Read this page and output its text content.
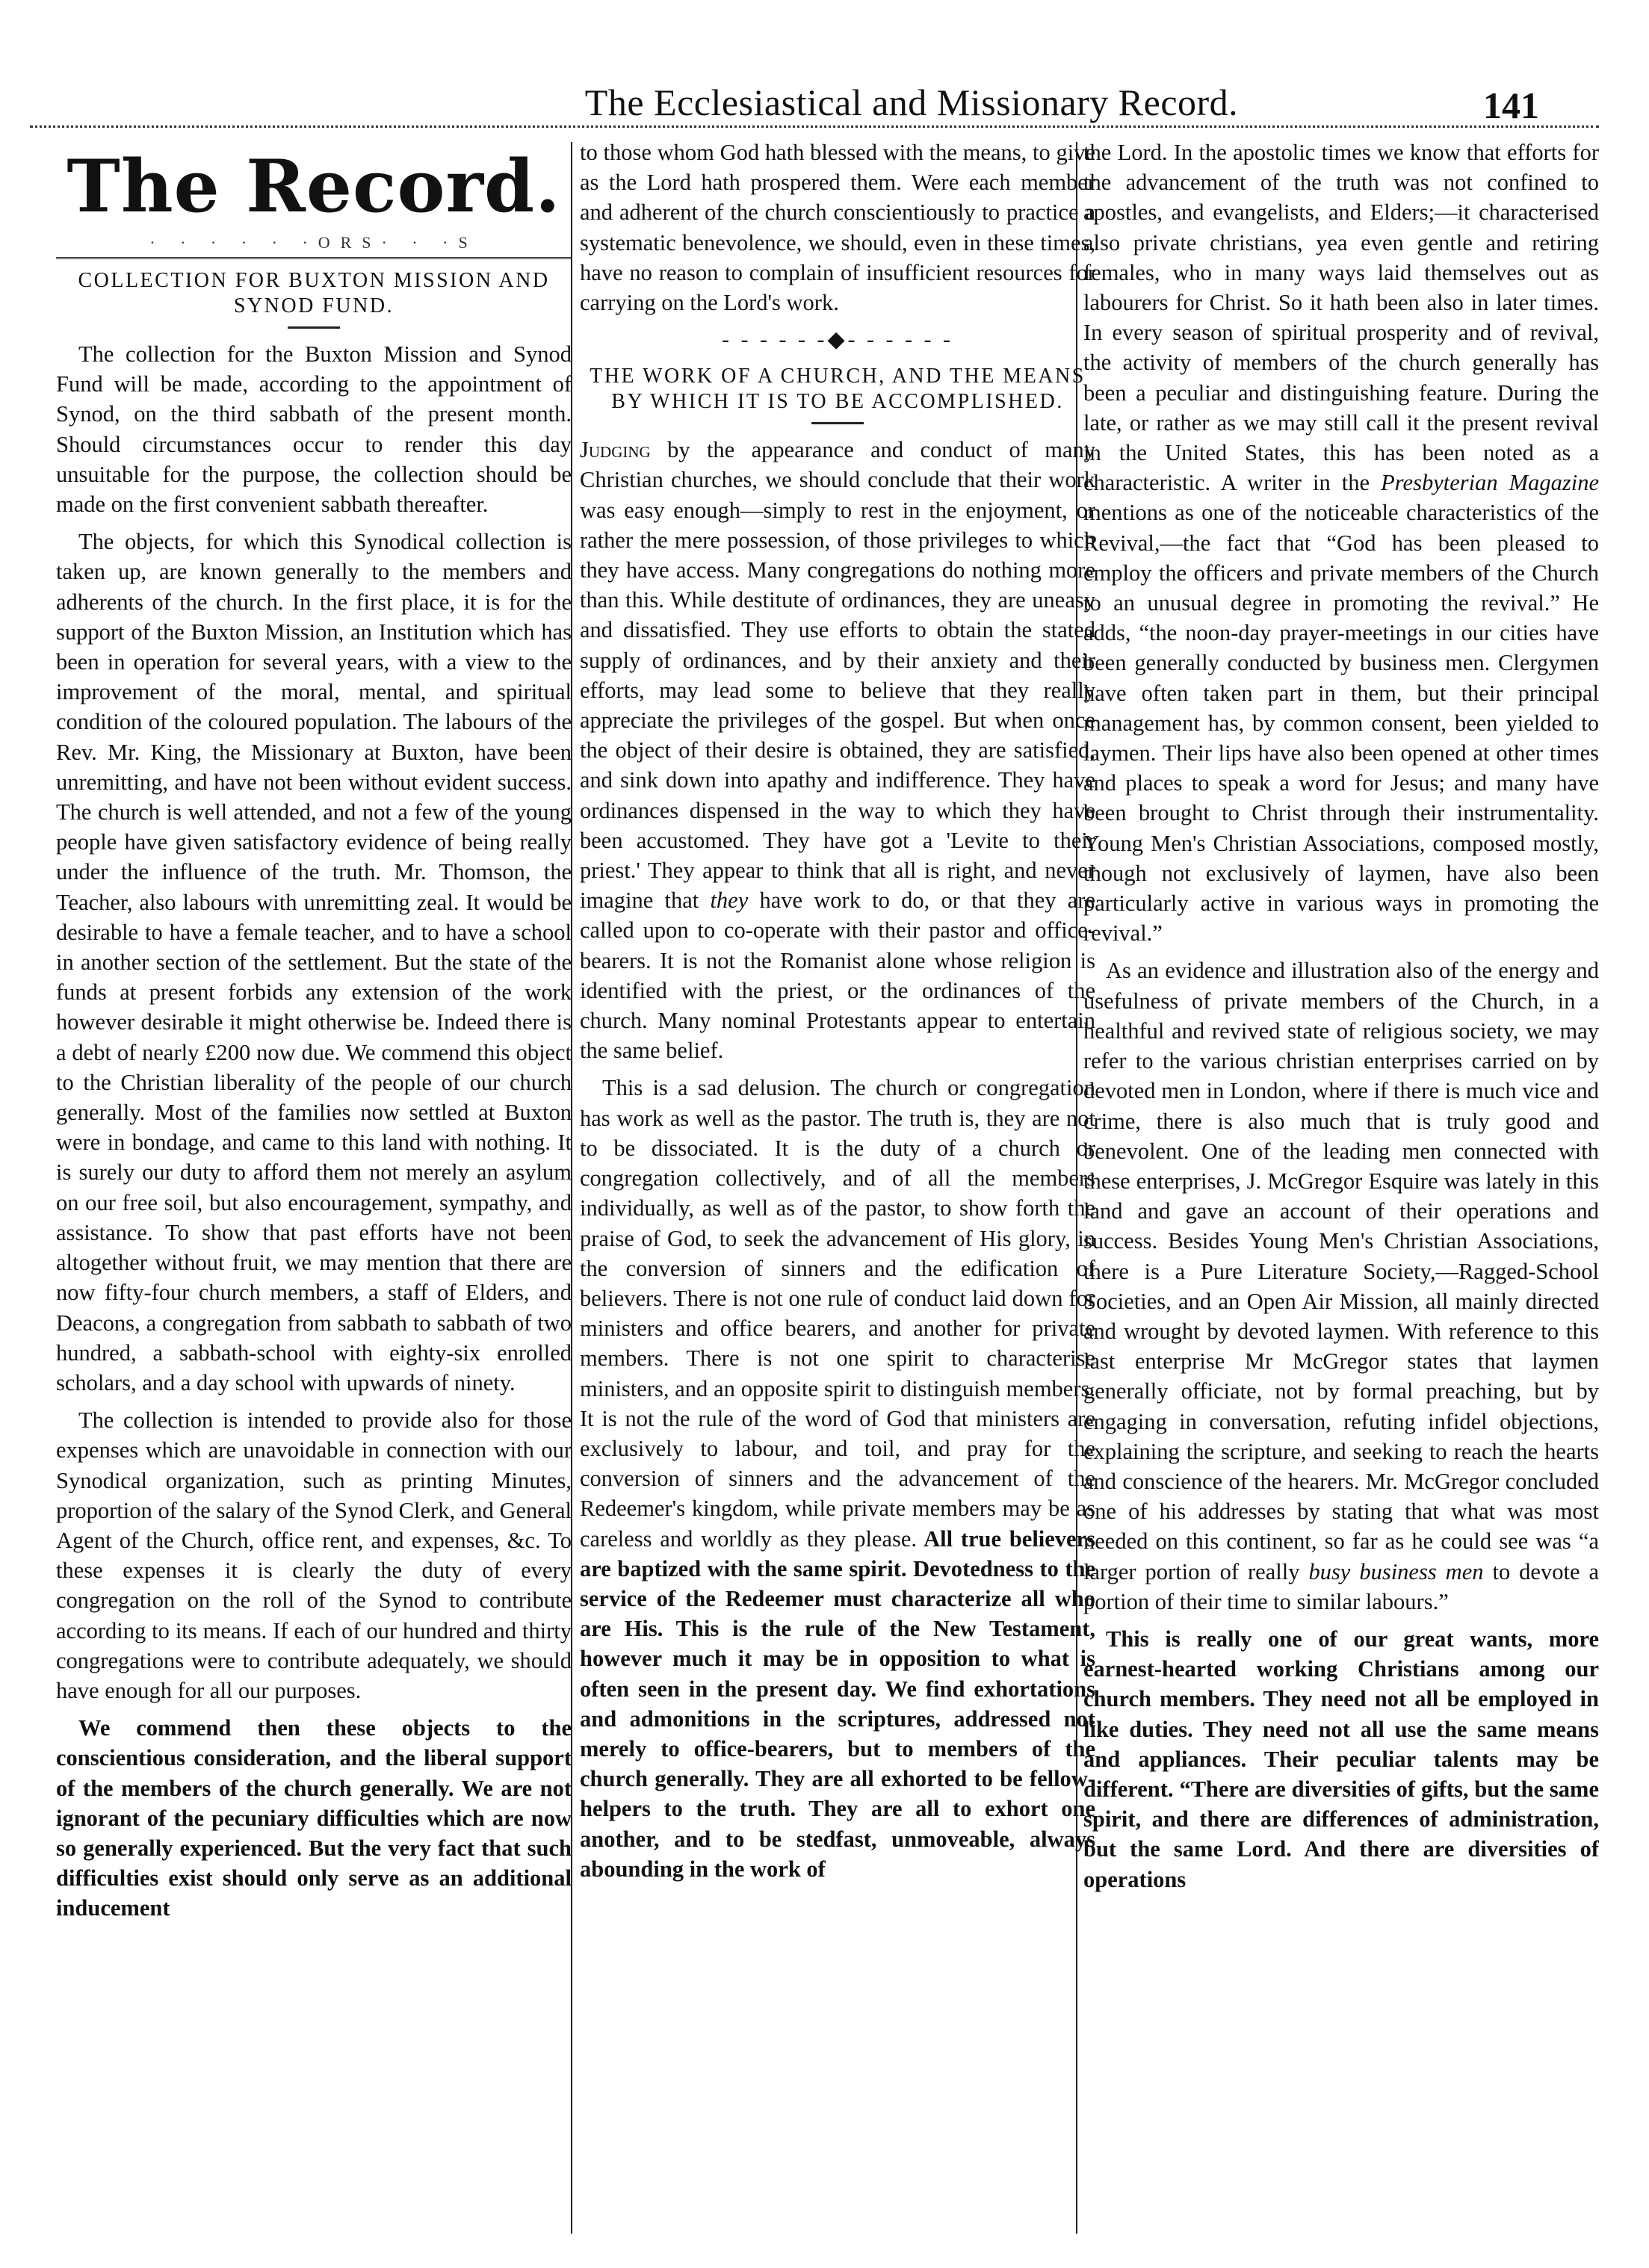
The Ecclesiastical and Missionary Record.	141
The Record.
· · · · · ·ORS· · ·S
COLLECTION FOR BUXTON MISSION AND SYNOD FUND.

The collection for the Buxton Mission and Synod Fund will be made, according to the appointment of Synod, on the third sabbath of the present month. Should circumstances occur to render this day unsuitable for the purpose, the collection should be made on the first convenient sabbath thereafter.

The objects, for which this Synodical collection is taken up, are known generally to the members and adherents of the church. In the first place, it is for the support of the Buxton Mission, an Institution which has been in operation for several years, with a view to the improvement of the moral, mental, and spiritual condition of the coloured population. The labours of the Rev. Mr. King, the Missionary at Buxton, have been unremitting, and have not been without evident success. The church is well attended, and not a few of the young people have given satisfactory evidence of being really under the influence of the truth. Mr. Thomson, the Teacher, also labours with unremitting zeal. It would be desirable to have a female teacher, and to have a school in another section of the settlement. But the state of the funds at present forbids any extension of the work however desirable it might otherwise be. Indeed there is a debt of nearly £200 now due. We commend this object to the Christian liberality of the people of our church generally. Most of the families now settled at Buxton were in bondage, and came to this land with nothing. It is surely our duty to afford them not merely an asylum on our free soil, but also encouragement, sympathy, and assistance. To show that past efforts have not been altogether without fruit, we may mention that there are now fifty-four church members, a staff of Elders, and Deacons, a congregation from sabbath to sabbath of two hundred, a sabbath-school with eighty-six enrolled scholars, and a day school with upwards of ninety.

The collection is intended to provide also for those expenses which are unavoidable in connection with our Synodical organization, such as printing Minutes, proportion of the salary of the Synod Clerk, and General Agent of the Church, office rent, and expenses, &c. To these expenses it is clearly the duty of every congregation on the roll of the Synod to contribute according to its means. If each of our hundred and thirty congregations were to contribute adequately, we should have enough for all our purposes.

We commend then these objects to the conscientious consideration, and the liberal support of the members of the church generally. We are not ignorant of the pecuniary difficulties which are now so generally experienced. But the very fact that such difficulties exist should only serve as an additional inducement

to those whom God hath blessed with the means, to give as the Lord hath prospered them. Were each member and adherent of the church conscientiously to practice a systematic benevolence, we should, even in these times, have no reason to complain of insufficient resources for carrying on the Lord's work.

- - - - - -◆- - - - - -
THE WORK OF A CHURCH, AND THE MEANS BY WHICH IT IS TO BE ACCOMPLISHED.

Judging by the appearance and conduct of many Christian churches, we should conclude that their work was easy enough—simply to rest in the enjoyment, or rather the mere possession, of those privileges to which they have access. Many congregations do nothing more than this. While destitute of ordinances, they are uneasy and dissatisfied. They use efforts to obtain the stated supply of ordinances, and by their anxiety and their efforts, may lead some to believe that they really appreciate the privileges of the gospel. But when once the object of their desire is obtained, they are satisfied, and sink down into apathy and indifference. They have ordinances dispensed in the way to which they have been accustomed. They have got a 'Levite to their priest.' They appear to think that all is right, and never imagine that they have work to do, or that they are called upon to co-operate with their pastor and office-bearers. It is not the Romanist alone whose religion is identified with the priest, or the ordinances of the church. Many nominal Protestants appear to entertain the same belief.

This is a sad delusion. The church or congregation has work as well as the pastor. The truth is, they are not to be dissociated. It is the duty of a church or congregation collectively, and of all the members individually, as well as of the pastor, to show forth the praise of God, to seek the advancement of His glory, in the conversion of sinners and the edification of believers. There is not one rule of conduct laid down for ministers and office bearers, and another for private members. There is not one spirit to characterise ministers, and an opposite spirit to distinguish members. It is not the rule of the word of God that ministers are exclusively to labour, and toil, and pray for the conversion of sinners and the advancement of the Redeemer's kingdom, while private members may be as careless and worldly as they please. All true believers are baptized with the same spirit. Devotedness to the service of the Redeemer must characterize all who are His. This is the rule of the New Testament, however much it may be in opposition to what is often seen in the present day. We find exhortations and admonitions in the scriptures, addressed not merely to office-bearers, but to members of the church generally. They are all exhorted to be fellow-helpers to the truth. They are all to exhort one another, and to be stedfast, unmoveable, always abounding in the work of

the Lord. In the apostolic times we know that efforts for the advancement of the truth was not confined to apostles, and evangelists, and Elders;—it characterised also private christians, yea even gentle and retiring females, who in many ways laid themselves out as labourers for Christ. So it hath been also in later times. In every season of spiritual prosperity and of revival, the activity of members of the church generally has been a peculiar and distinguishing feature. During the late, or rather as we may still call it the present revival in the United States, this has been noted as a characteristic. A writer in the Presbyterian Magazine mentions as one of the noticeable characteristics of the Revival,—the fact that “God has been pleased to employ the officers and private members of the Church to an unusual degree in promoting the revival.” He adds, “the noon-day prayer-meetings in our cities have been generally conducted by business men. Clergymen have often taken part in them, but their principal management has, by common consent, been yielded to laymen. Their lips have also been opened at other times and places to speak a word for Jesus; and many have been brought to Christ through their instrumentality. Young Men's Christian Associations, composed mostly, though not exclusively of laymen, have also been particularly active in various ways in promoting the revival.”

As an evidence and illustration also of the energy and usefulness of private members of the Church, in a healthful and revived state of religious society, we may refer to the various christian enterprises carried on by devoted men in London, where if there is much vice and crime, there is also much that is truly good and benevolent. One of the leading men connected with these enterprises, J. McGregor Esquire was lately in this land and gave an account of their operations and success. Besides Young Men's Christian Associations, there is a Pure Literature Society,—Ragged-School Societies, and an Open Air Mission, all mainly directed and wrought by devoted laymen. With reference to this last enterprise Mr McGregor states that laymen generally officiate, not by formal preaching, but by engaging in conversation, refuting infidel objections, explaining the scripture, and seeking to reach the hearts and conscience of the hearers. Mr. McGregor concluded one of his addresses by stating that what was most needed on this continent, so far as he could see was “a larger portion of really busy business men to devote a portion of their time to similar labours.”

This is really one of our great wants, more earnest-hearted working Christians among our church members. They need not all be employed in like duties. They need not all use the same means and appliances. Their peculiar talents may be different. “There are diversities of gifts, but the same spirit, and there are differences of administration, but the same Lord. And there are diversities of operations
